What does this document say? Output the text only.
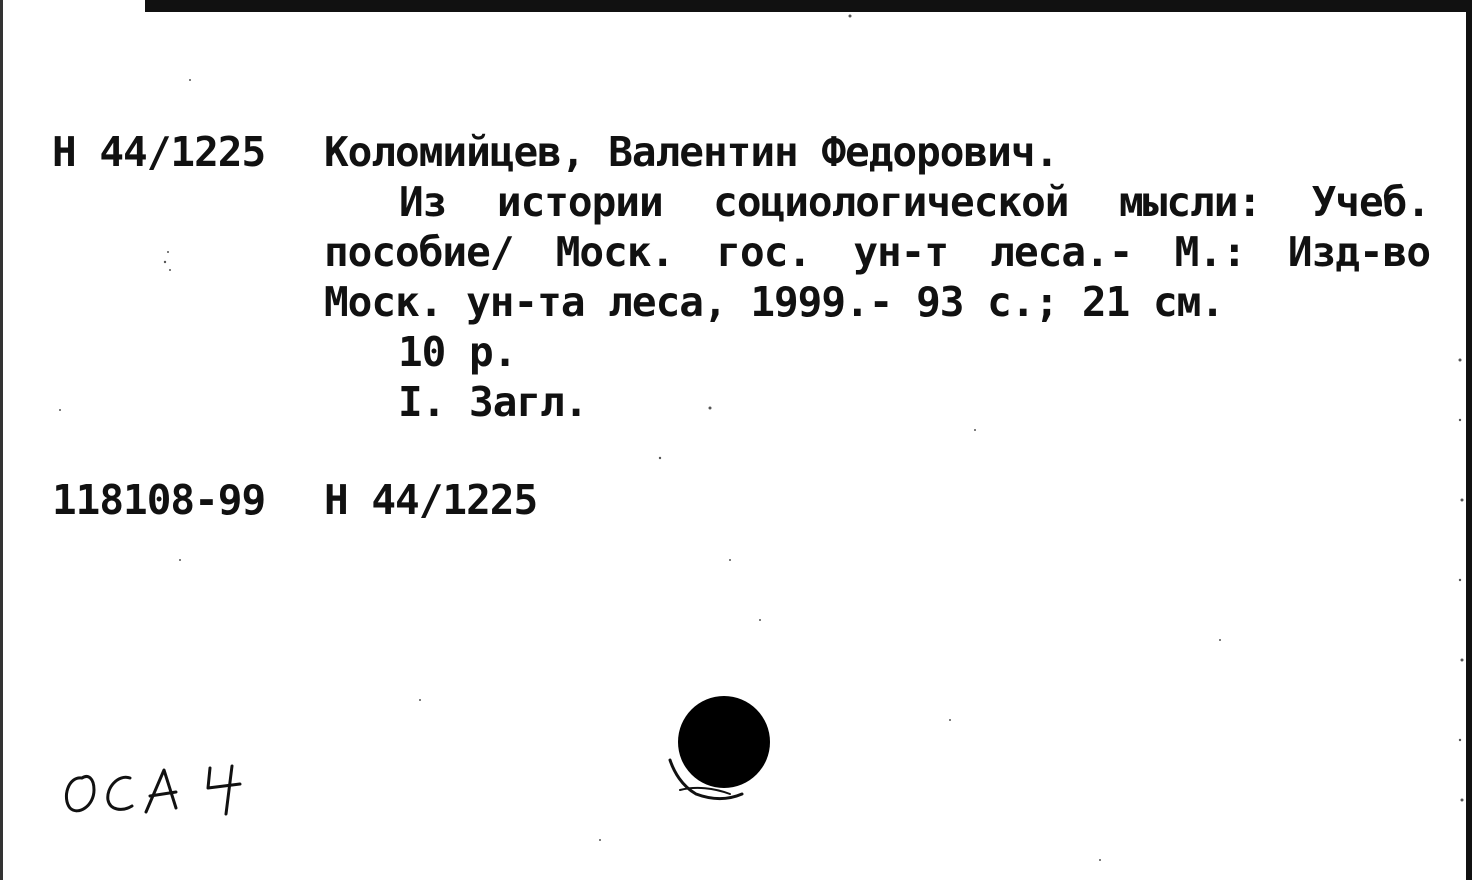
Н 44/1225 Коломийцев, Валентин Федорович.
Из истории социологической мысли: Учеб.
пособие/ Моск. гос. ун-т леса.- М.: Изд-во
Моск. ун-та леса, 1999.- 93 с.; 21 см.
10 р.
I. Загл.
118108-99 Н 44/1225
